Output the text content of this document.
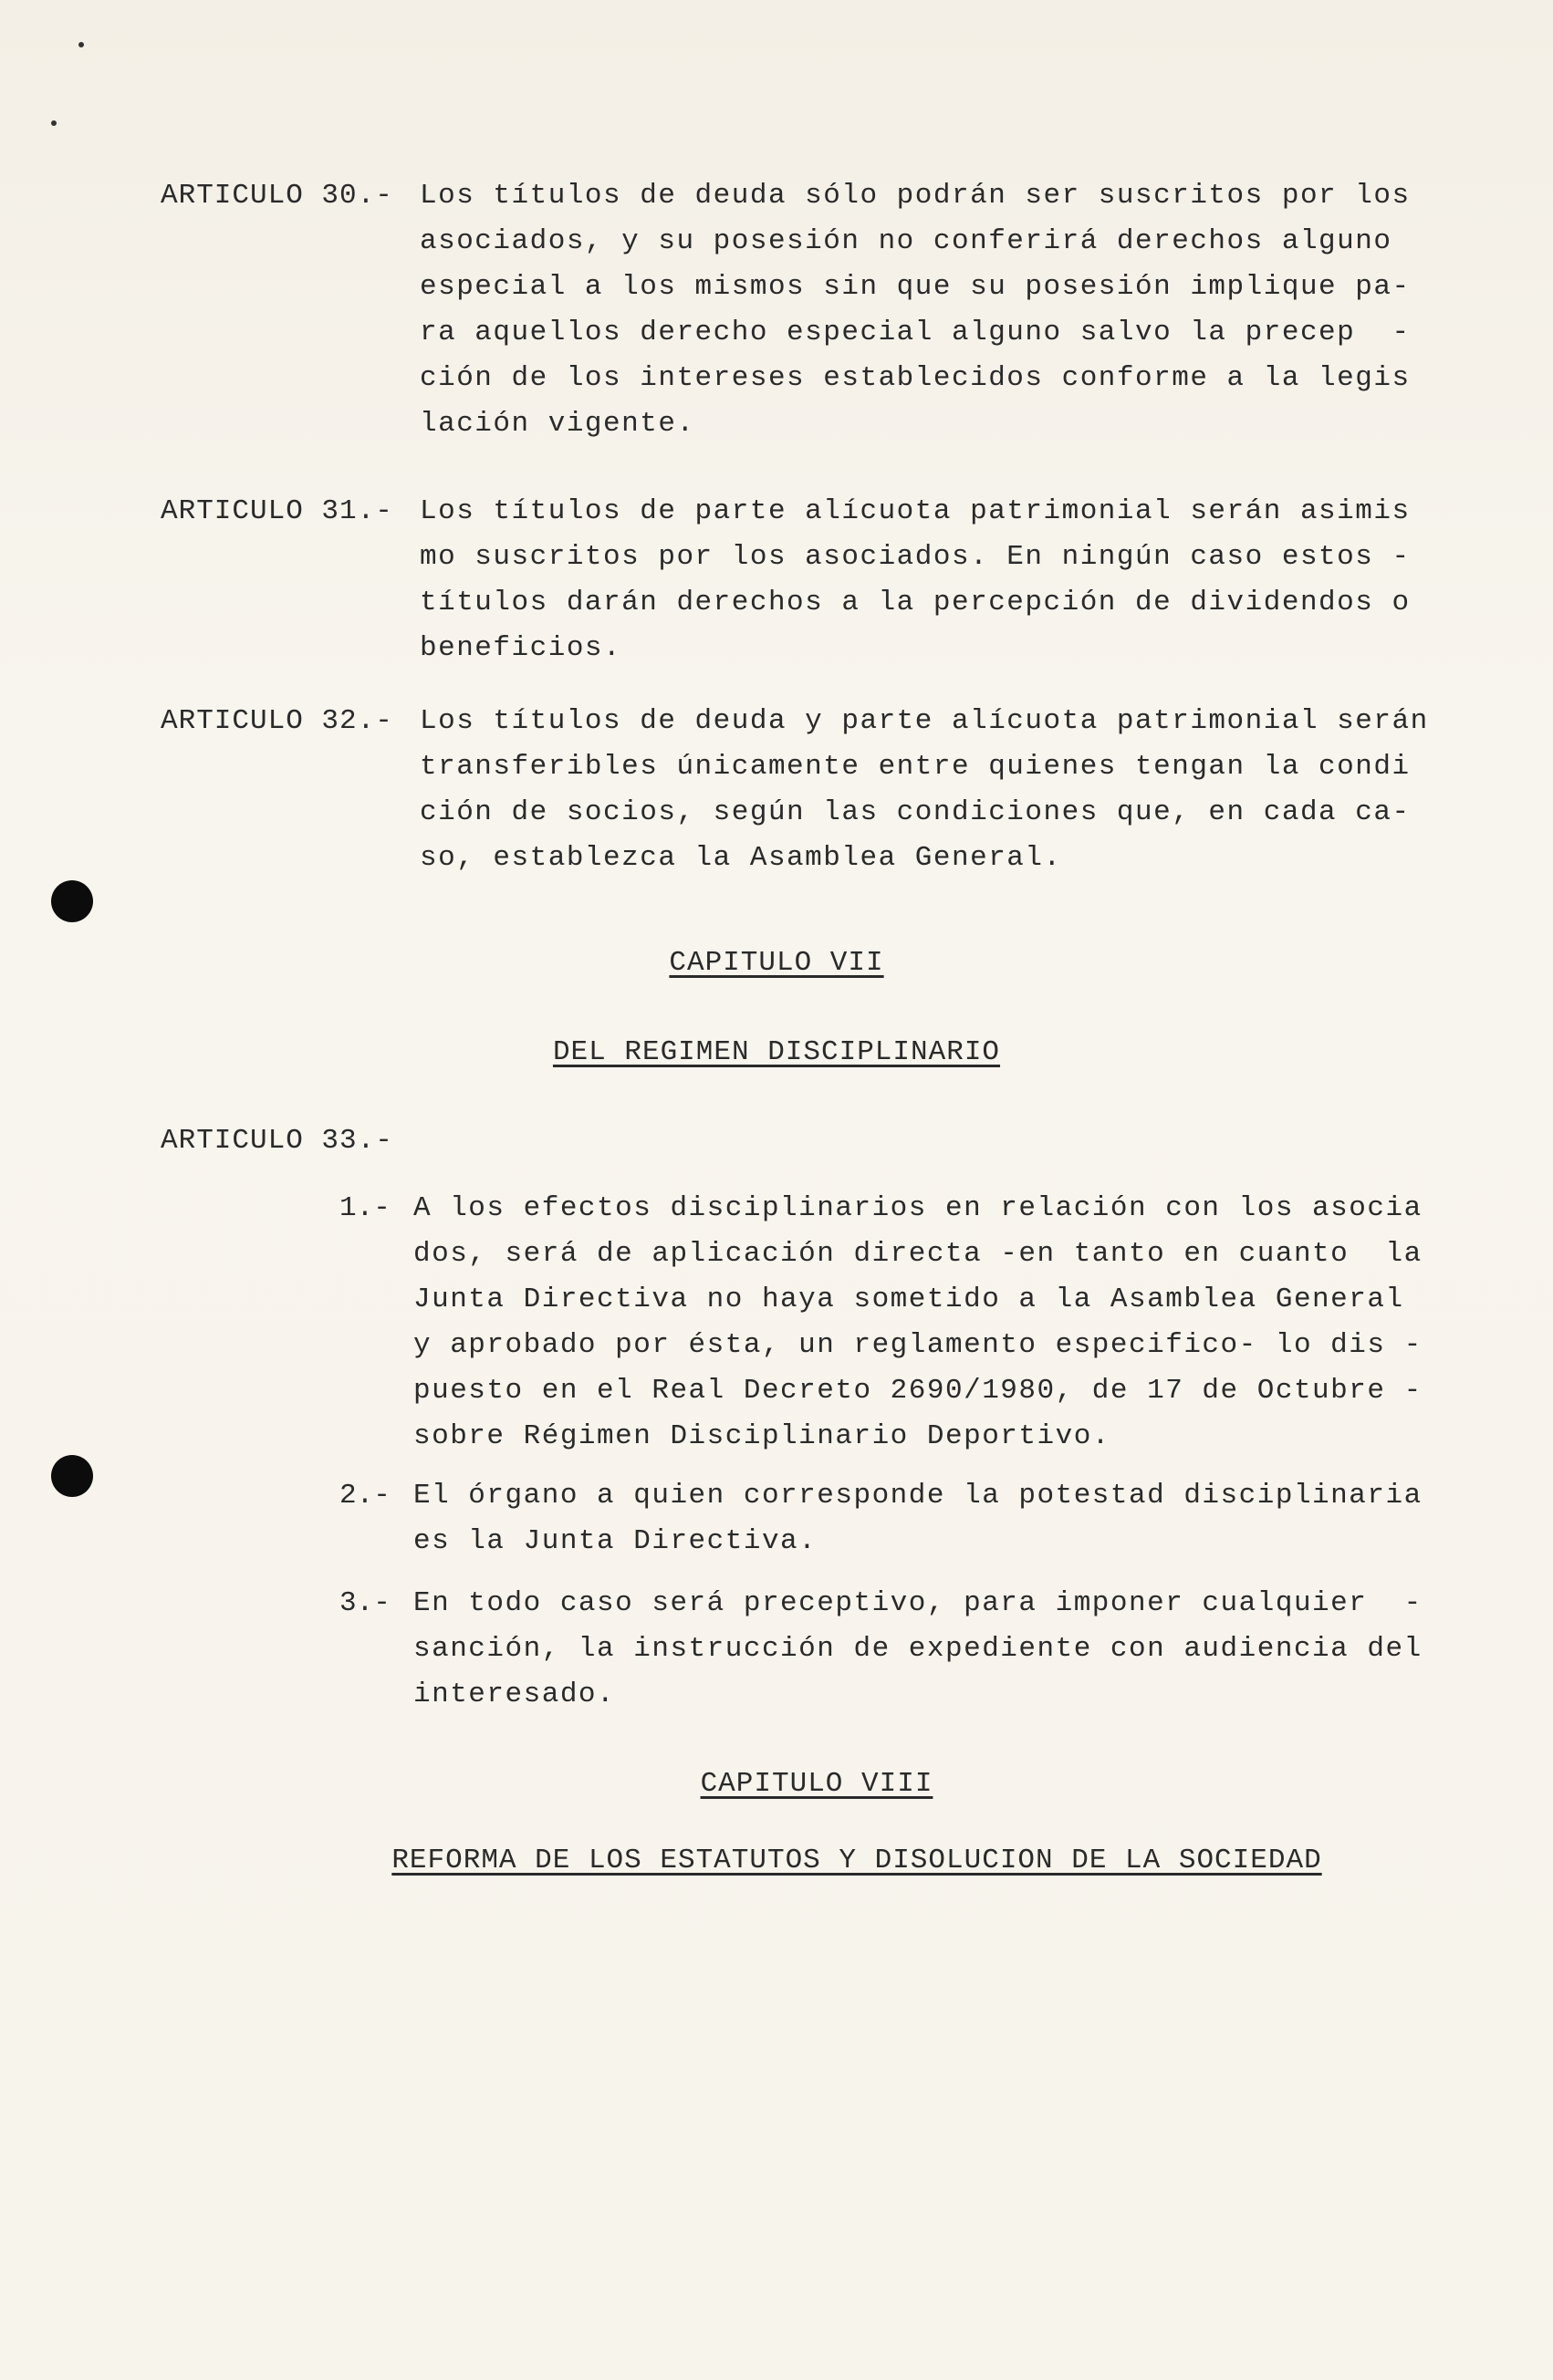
ARTICULO 30.- Los títulos de deuda sólo podrán ser suscritos por los
asociados, y su posesión no conferirá derechos alguno
especial a los mismos sin que su posesión implique pa-
ra aquellos derecho especial alguno salvo la precep  -
ción de los intereses establecidos conforme a la legis
lación vigente.
ARTICULO 31.- Los títulos de parte alícuota patrimonial serán asimis
mo suscritos por los asociados. En ningún caso estos -
títulos darán derechos a la percepción de dividendos o
beneficios.
ARTICULO 32.- Los títulos de deuda y parte alícuota patrimonial serán
transferibles únicamente entre quienes tengan la condi
ción de socios, según las condiciones que, en cada ca-
so, establezca la Asamblea General.
CAPITULO VII
DEL REGIMEN DISCIPLINARIO
ARTICULO 33.-
1.- A los efectos disciplinarios en relación con los asocia
dos, será de aplicación directa -en tanto en cuanto  la
Junta Directiva no haya sometido a la Asamblea General
y aprobado por ésta, un reglamento especifico- lo dis -
puesto en el Real Decreto 2690/1980, de 17 de Octubre -
sobre Régimen Disciplinario Deportivo.
2.- El órgano a quien corresponde la potestad disciplinaria
es la Junta Directiva.
3.- En todo caso será preceptivo, para imponer cualquier  -
sanción, la instrucción de expediente con audiencia del
interesado.
CAPITULO VIII
REFORMA DE LOS ESTATUTOS Y DISOLUCION DE LA SOCIEDAD
